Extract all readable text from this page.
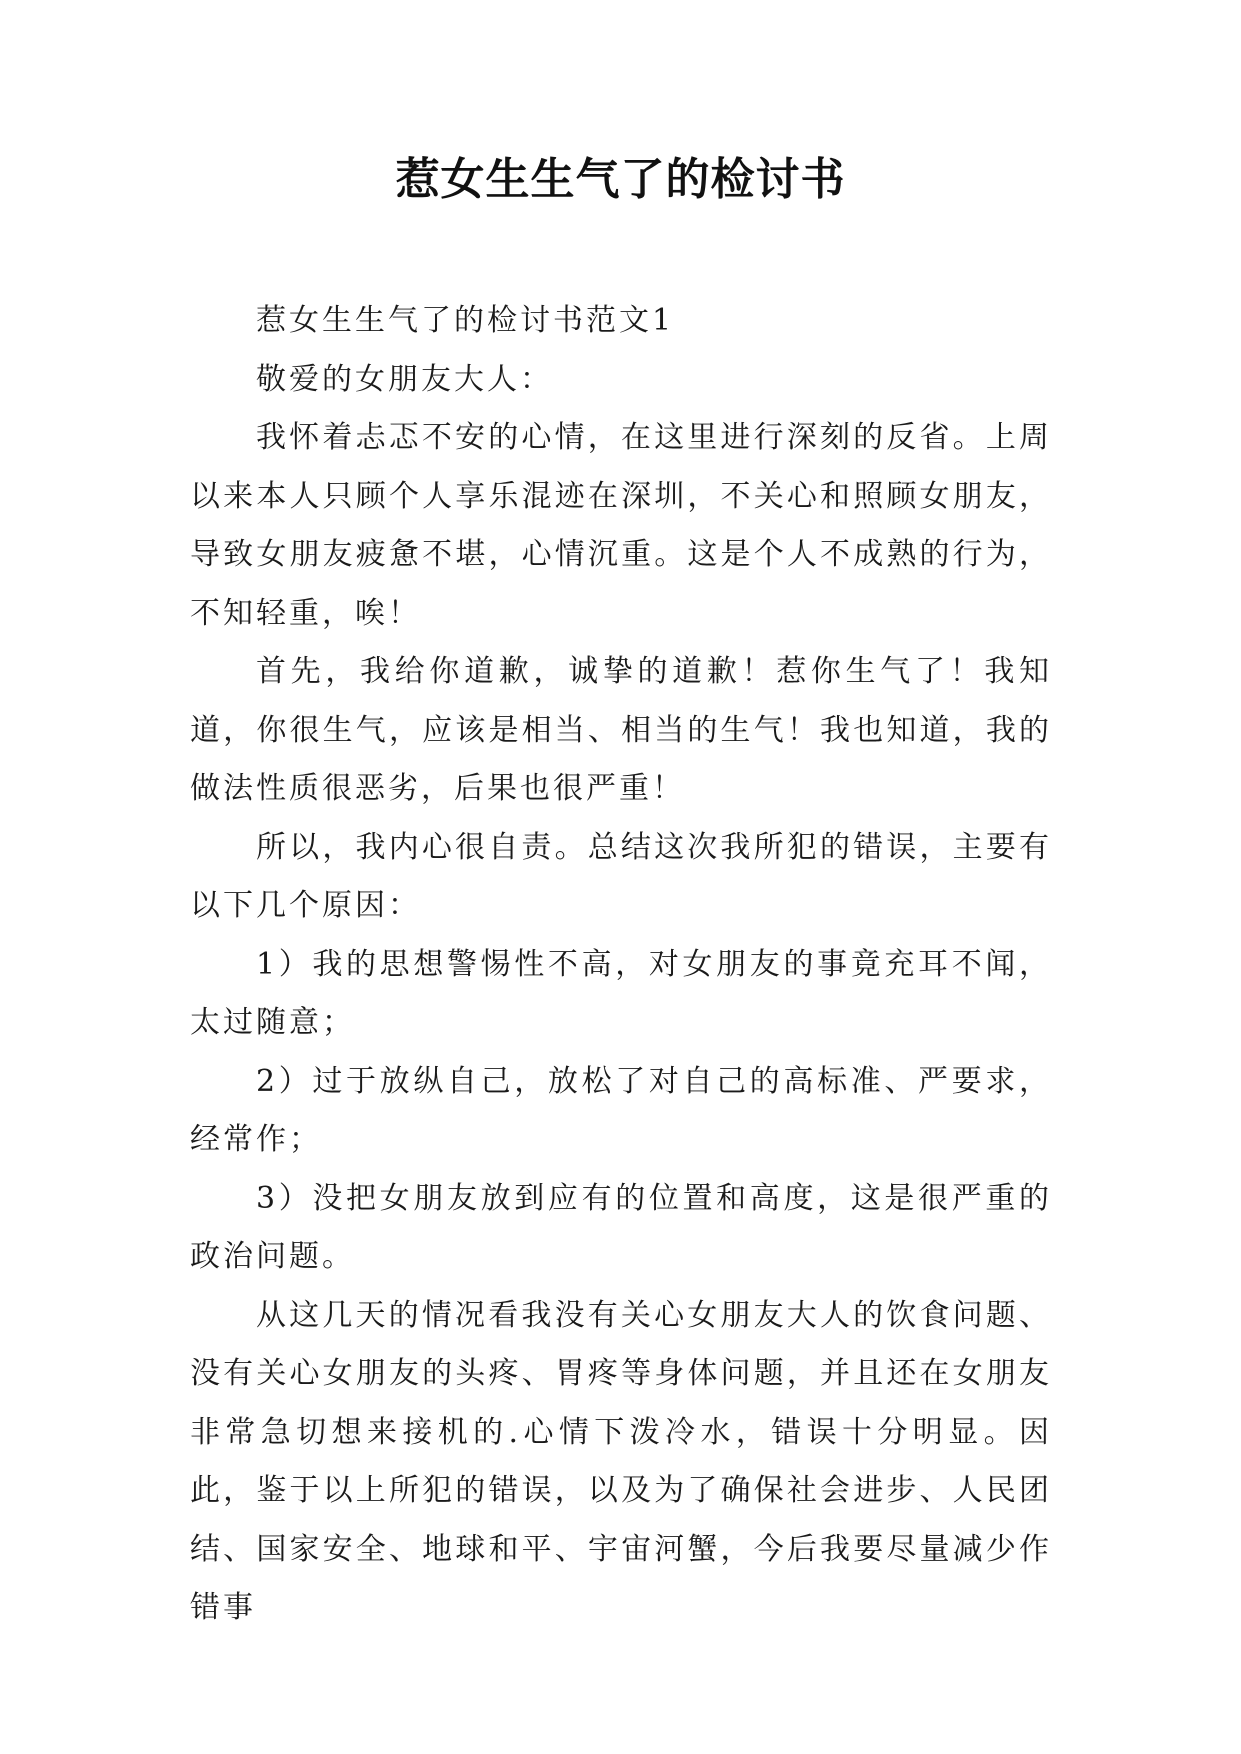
惹女生生气了的检讨书

惹女生生气了的检讨书范文1

敬爱的女朋友大人：

我怀着忐忑不安的心情，在这里进行深刻的反省。上周以来本人只顾个人享乐混迹在深圳，不关心和照顾女朋友，导致女朋友疲惫不堪，心情沉重。这是个人不成熟的行为，不知轻重，唉！

首先，我给你道歉，诚挚的道歉！惹你生气了！我知道，你很生气，应该是相当、相当的生气！我也知道，我的做法性质很恶劣，后果也很严重！

所以，我内心很自责。总结这次我所犯的错误，主要有以下几个原因：

1）我的思想警惕性不高，对女朋友的事竟充耳不闻，太过随意；

2）过于放纵自己，放松了对自己的高标准、严要求，经常作；

3）没把女朋友放到应有的位置和高度，这是很严重的政治问题。

从这几天的情况看我没有关心女朋友大人的饮食问题、没有关心女朋友的头疼、胃疼等身体问题，并且还在女朋友非常急切想来接机的.心情下泼冷水，错误十分明显。因此，鉴于以上所犯的错误，以及为了确保社会进步、人民团结、国家安全、地球和平、宇宙河蟹，今后我要尽量减少作错事
